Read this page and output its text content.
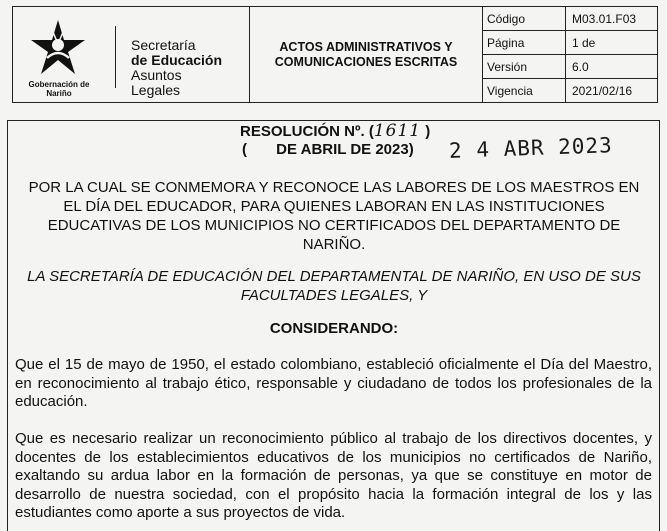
Gobernación de Nariño
Secretaría
de Educación
Asuntos
Legales	ACTOS ADMINISTRATIVOS Y COMUNICACIONES ESCRITAS	Código	M03.01.F03
		Página	1 de
		Versión	6.0
		Vigencia	2021/02/16
RESOLUCIÓN Nº. (1611 )
(       DE ABRIL DE 2023) 2 4 ABR 2023
POR LA CUAL SE CONMEMORA Y RECONOCE LAS LABORES DE LOS MAESTROS EN EL DÍA DEL EDUCADOR, PARA QUIENES LABORAN EN LAS INSTITUCIONES EDUCATIVAS DE LOS MUNICIPIOS NO CERTIFICADOS DEL DEPARTAMENTO DE NARIÑO.
LA SECRETARÍA DE EDUCACIÓN DEL DEPARTAMENTAL DE NARIÑO, EN USO DE SUS FACULTADES LEGALES, Y
CONSIDERANDO:
Que el 15 de mayo de 1950, el estado colombiano, estableció oficialmente el Día del Maestro, en reconocimiento al trabajo ético, responsable y ciudadano de todos los profesionales de la educación.
Que es necesario realizar un reconocimiento público al trabajo de los directivos docentes, y docentes de los establecimientos educativos de los municipios no certificados de Nariño, exaltando su ardua labor en la formación de personas, ya que se constituye en motor de desarrollo de nuestra sociedad, con el propósito hacia la formación integral de los y las estudiantes como aporte a sus proyectos de vida.
